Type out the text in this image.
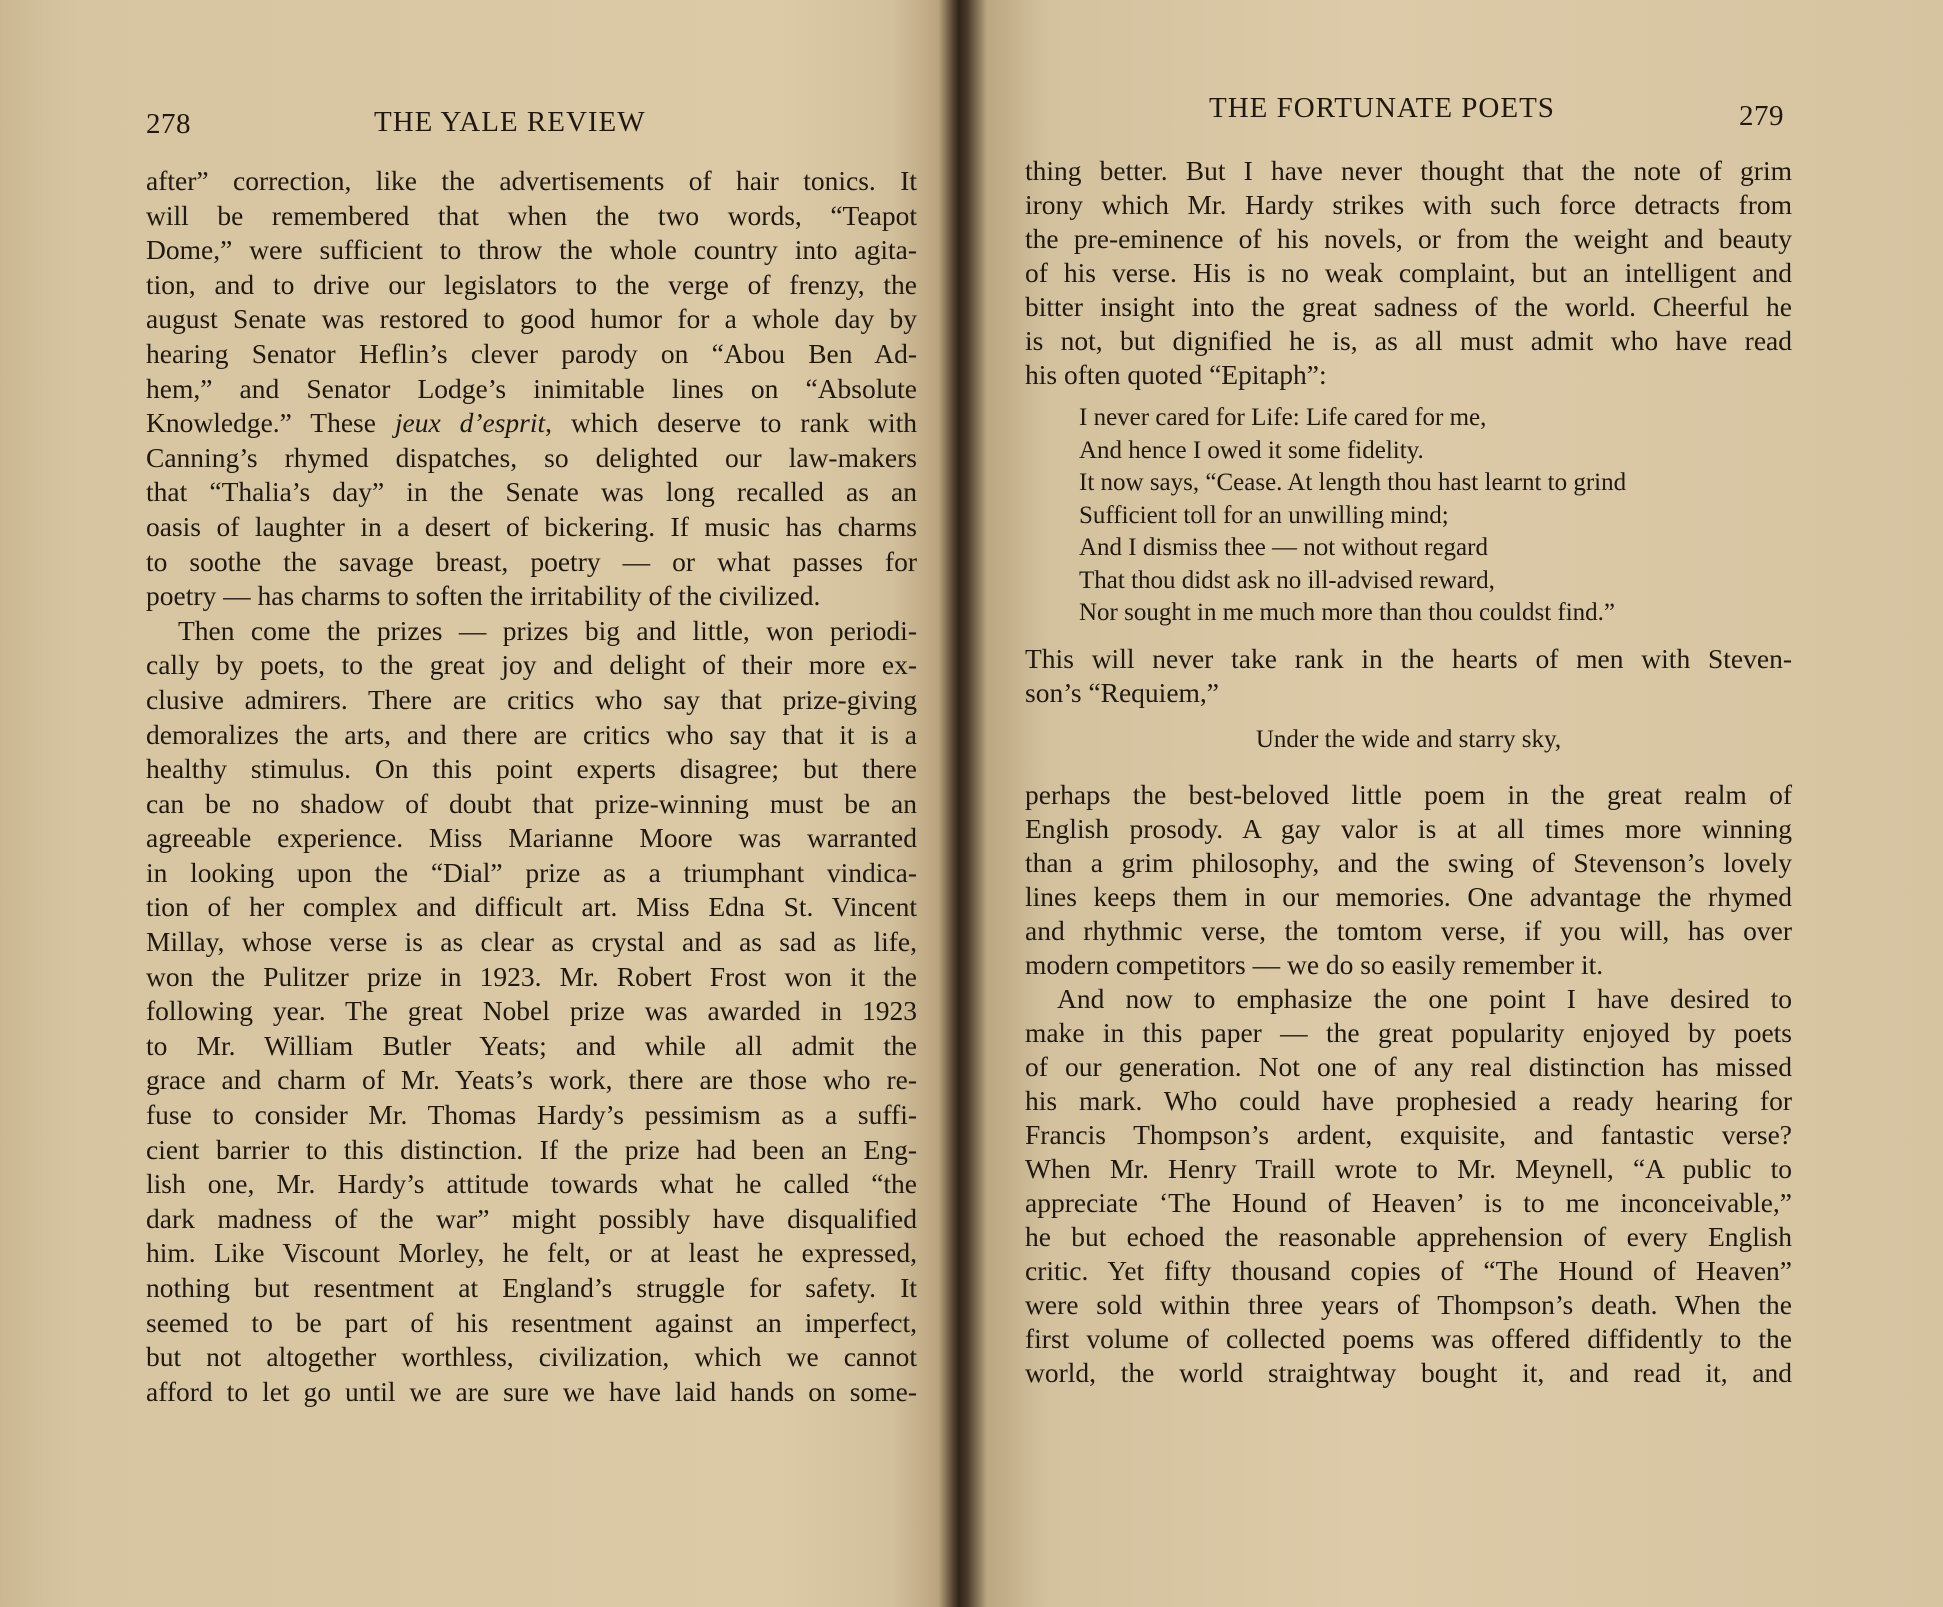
278	THE YALE REVIEW
after” correction, like the advertisements of hair tonics. It
will be remembered that when the two words, “Teapot
Dome,” were sufficient to throw the whole country into agita-
tion, and to drive our legislators to the verge of frenzy, the
august Senate was restored to good humor for a whole day by
hearing Senator Heflin’s clever parody on “Abou Ben Ad-
hem,” and Senator Lodge’s inimitable lines on “Absolute
Knowledge.” These jeux d’esprit, which deserve to rank with
Canning’s rhymed dispatches, so delighted our law-makers
that “Thalia’s day” in the Senate was long recalled as an
oasis of laughter in a desert of bickering. If music has charms
to soothe the savage breast, poetry — or what passes for
poetry — has charms to soften the irritability of the civilized.
Then come the prizes — prizes big and little, won periodi-
cally by poets, to the great joy and delight of their more ex-
clusive admirers. There are critics who say that prize-giving
demoralizes the arts, and there are critics who say that it is a
healthy stimulus. On this point experts disagree; but there
can be no shadow of doubt that prize-winning must be an
agreeable experience. Miss Marianne Moore was warranted
in looking upon the “Dial” prize as a triumphant vindica-
tion of her complex and difficult art. Miss Edna St. Vincent
Millay, whose verse is as clear as crystal and as sad as life,
won the Pulitzer prize in 1923. Mr. Robert Frost won it the
following year. The great Nobel prize was awarded in 1923
to Mr. William Butler Yeats; and while all admit the
grace and charm of Mr. Yeats’s work, there are those who re-
fuse to consider Mr. Thomas Hardy’s pessimism as a suffi-
cient barrier to this distinction. If the prize had been an Eng-
lish one, Mr. Hardy’s attitude towards what he called “the
dark madness of the war” might possibly have disqualified
him. Like Viscount Morley, he felt, or at least he expressed,
nothing but resentment at England’s struggle for safety. It
seemed to be part of his resentment against an imperfect,
but not altogether worthless, civilization, which we cannot
afford to let go until we are sure we have laid hands on some-
THE FORTUNATE POETS	279
thing better. But I have never thought that the note of grim
irony which Mr. Hardy strikes with such force detracts from
the pre-eminence of his novels, or from the weight and beauty
of his verse. His is no weak complaint, but an intelligent and
bitter insight into the great sadness of the world. Cheerful he
is not, but dignified he is, as all must admit who have read
his often quoted “Epitaph”:
I never cared for Life: Life cared for me,
And hence I owed it some fidelity.
It now says, “Cease. At length thou hast learnt to grind
Sufficient toll for an unwilling mind;
And I dismiss thee — not without regard
That thou didst ask no ill-advised reward,
Nor sought in me much more than thou couldst find.”
This will never take rank in the hearts of men with Steven-
son’s “Requiem,”
Under the wide and starry sky,
perhaps the best-beloved little poem in the great realm of
English prosody. A gay valor is at all times more winning
than a grim philosophy, and the swing of Stevenson’s lovely
lines keeps them in our memories. One advantage the rhymed
and rhythmic verse, the tomtom verse, if you will, has over
modern competitors — we do so easily remember it.
And now to emphasize the one point I have desired to
make in this paper — the great popularity enjoyed by poets
of our generation. Not one of any real distinction has missed
his mark. Who could have prophesied a ready hearing for
Francis Thompson’s ardent, exquisite, and fantastic verse?
When Mr. Henry Traill wrote to Mr. Meynell, “A public to
appreciate ‘The Hound of Heaven’ is to me inconceivable,”
he but echoed the reasonable apprehension of every English
critic. Yet fifty thousand copies of “The Hound of Heaven”
were sold within three years of Thompson’s death. When the
first volume of collected poems was offered diffidently to the
world, the world straightway bought it, and read it, and
